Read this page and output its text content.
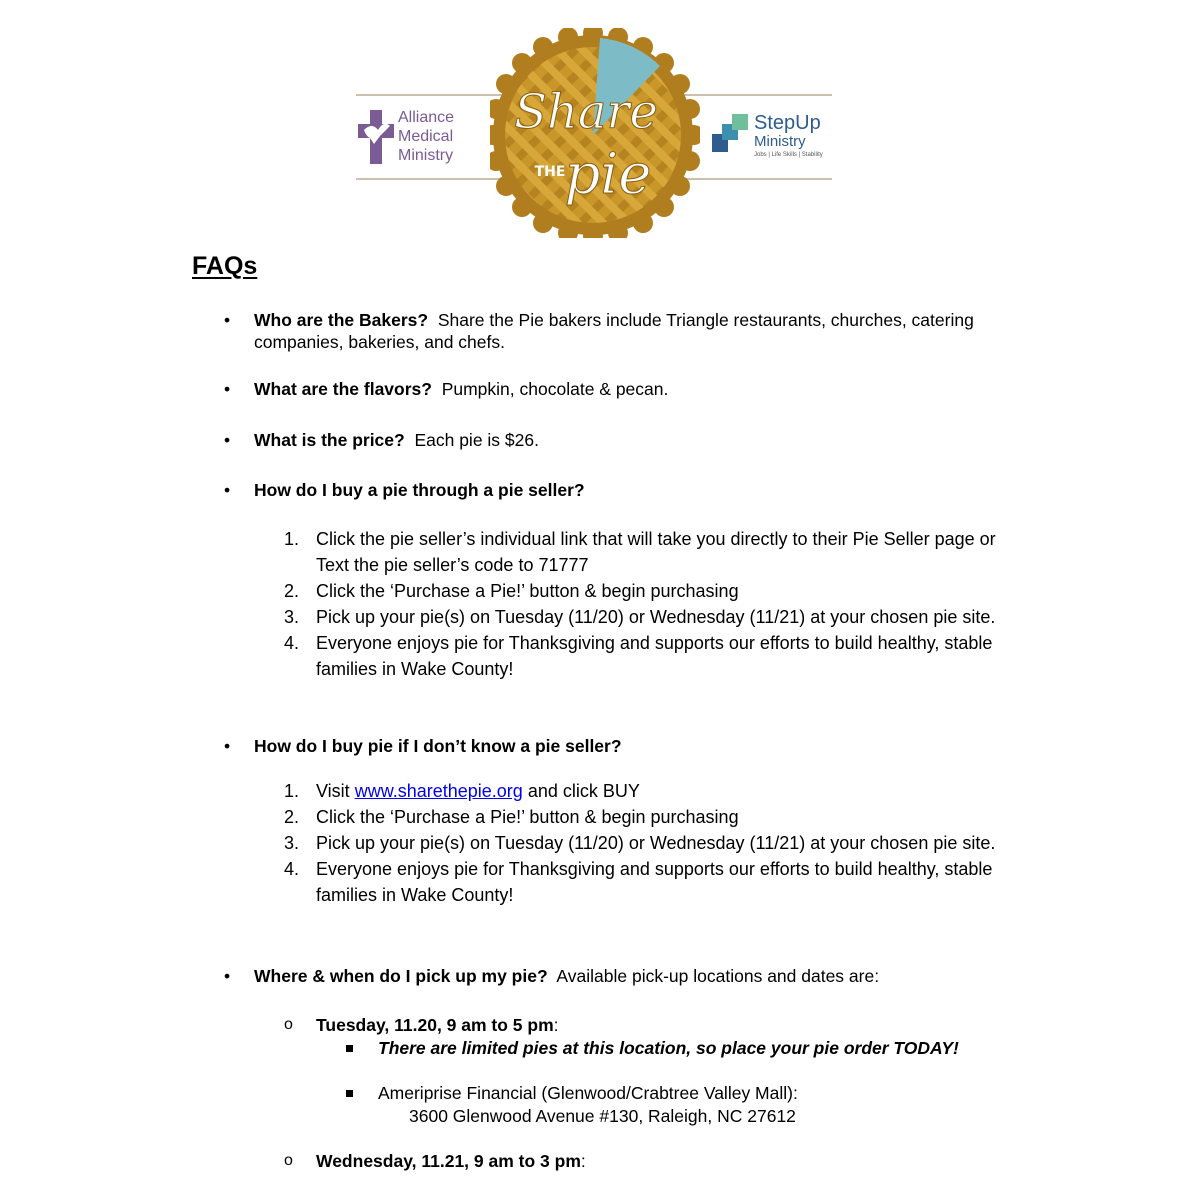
Alliance
Medical
Ministry
Share
THE pie
StepUp
Ministry
Jobs | Life Skills | Stability
FAQs
•	Who are the Bakers? Share the Pie bakers include Triangle restaurants, churches, catering companies, bakeries, and chefs.
•	What are the flavors? Pumpkin, chocolate & pecan.
•	What is the price? Each pie is $26.
•	How do I buy a pie through a pie seller?
1. Click the pie seller’s individual link that will take you directly to their Pie Seller page or Text the pie seller’s code to 71777
2. Click the ‘Purchase a Pie!’ button & begin purchasing
3. Pick up your pie(s) on Tuesday (11/20) or Wednesday (11/21) at your chosen pie site.
4. Everyone enjoys pie for Thanksgiving and supports our efforts to build healthy, stable families in Wake County!
•	How do I buy pie if I don’t know a pie seller?
1. Visit www.sharethepie.org and click BUY
2. Click the ‘Purchase a Pie!’ button & begin purchasing
3. Pick up your pie(s) on Tuesday (11/20) or Wednesday (11/21) at your chosen pie site.
4. Everyone enjoys pie for Thanksgiving and supports our efforts to build healthy, stable families in Wake County!
•	Where & when do I pick up my pie? Available pick-up locations and dates are:
o Tuesday, 11.20, 9 am to 5 pm:
There are limited pies at this location, so place your pie order TODAY!
Ameriprise Financial (Glenwood/Crabtree Valley Mall):
3600 Glenwood Avenue #130, Raleigh, NC 27612
o Wednesday, 11.21, 9 am to 3 pm:
